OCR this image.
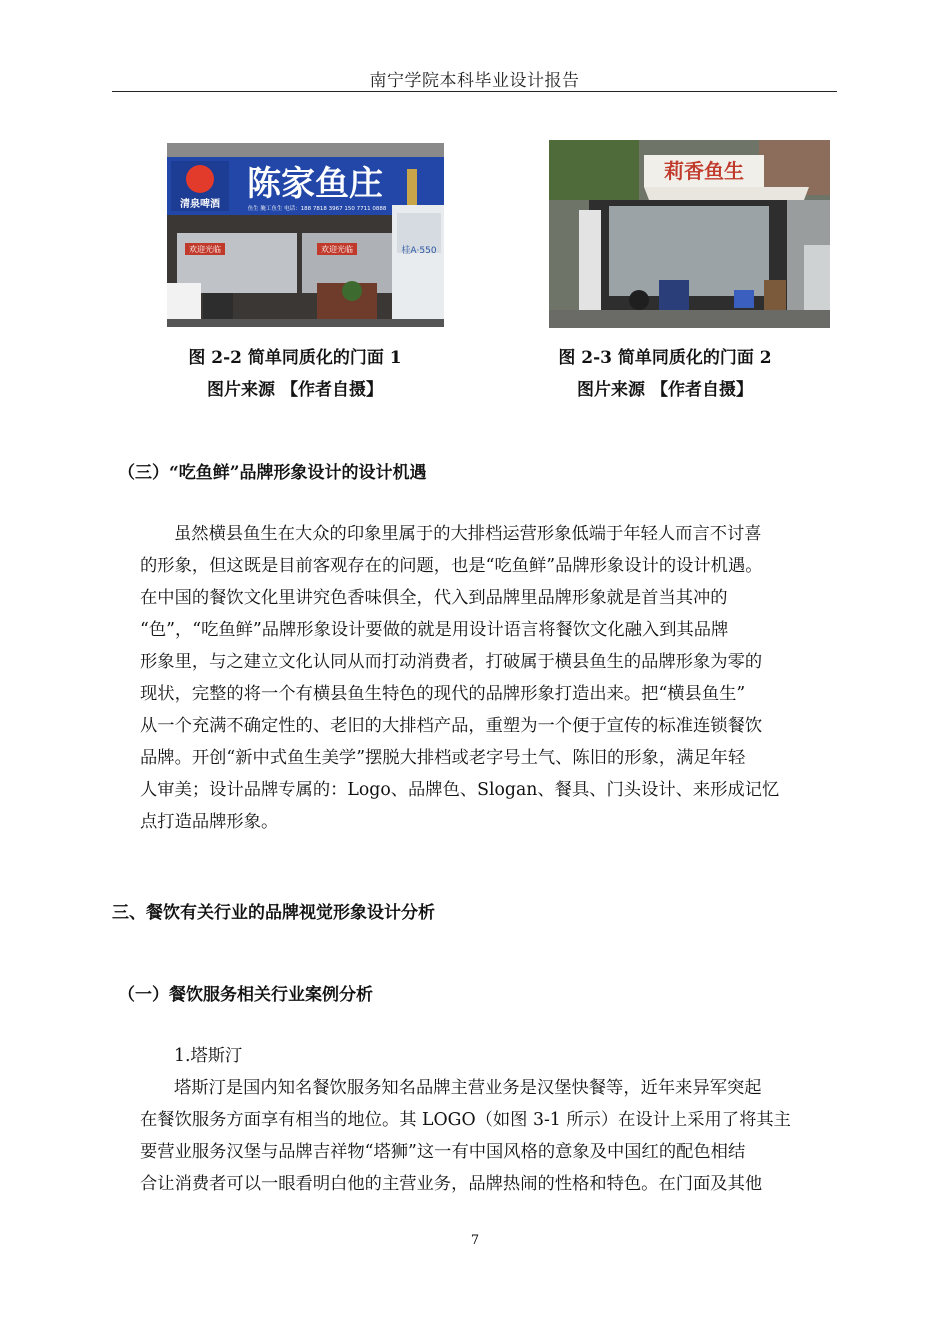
南宁学院本科毕业设计报告
清泉啤酒
陈家鱼庄
鱼生 腌工鱼生 电话：188 7818 3967 150 7711 0888
欢迎光临	欢迎光临	桂A·550
莉香鱼生
图 2-2 简单同质化的门面 1
图片来源 【作者自摄】
图 2-3 简单同质化的门面 2
图片来源 【作者自摄】
（三）“吃鱼鲜”品牌形象设计的设计机遇
虽然横县鱼生在大众的印象里属于的大排档运营形象低端于年轻人而言不讨喜
的形象，但这既是目前客观存在的问题，也是“吃鱼鲜”品牌形象设计的设计机遇。
在中国的餐饮文化里讲究色香味俱全，代入到品牌里品牌形象就是首当其冲的
“色”，“吃鱼鲜”品牌形象设计要做的就是用设计语言将餐饮文化融入到其品牌
形象里，与之建立文化认同从而打动消费者，打破属于横县鱼生的品牌形象为零的
现状，完整的将一个有横县鱼生特色的现代的品牌形象打造出来。把“横县鱼生”
从一个充满不确定性的、老旧的大排档产品，重塑为一个便于宣传的标准连锁餐饮
品牌。开创“新中式鱼生美学”摆脱大排档或老字号土气、陈旧的形象，满足年轻
人审美；设计品牌专属的：Logo、品牌色、Slogan、餐具、门头设计、来形成记忆
点打造品牌形象。
三、餐饮有关行业的品牌视觉形象设计分析
（一）餐饮服务相关行业案例分析
1.塔斯汀
塔斯汀是国内知名餐饮服务知名品牌主营业务是汉堡快餐等，近年来异军突起
在餐饮服务方面享有相当的地位。其 LOGO（如图 3-1 所示）在设计上采用了将其主
要营业服务汉堡与品牌吉祥物“塔狮”这一有中国风格的意象及中国红的配色相结
合让消费者可以一眼看明白他的主营业务，品牌热闹的性格和特色。在门面及其他
7
